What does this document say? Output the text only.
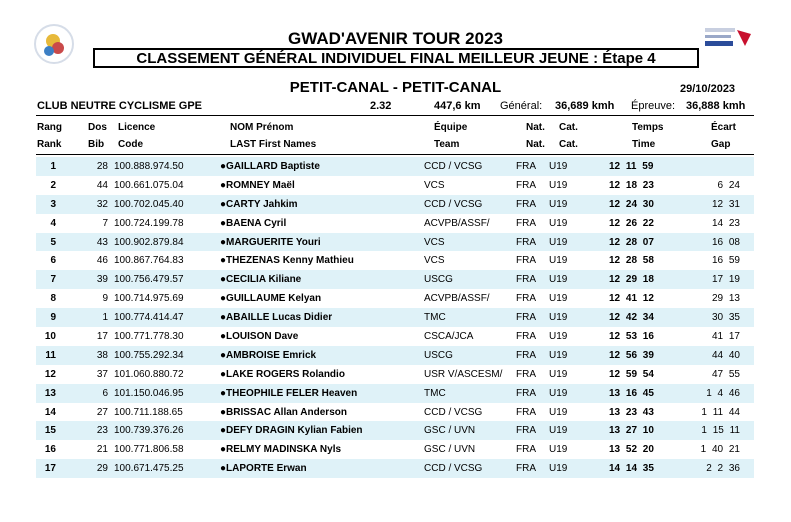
GWAD'AVENIR TOUR 2023
CLASSEMENT GÉNÉRAL INDIVIDUEL FINAL MEILLEUR JEUNE : Étape 4
PETIT-CANAL - PETIT-CANAL	29/10/2023
CLUB NEUTRE CYCLISME GPE	2.32	447,6 km Général: 36,689 kmh Épreuve: 36,888 kmh
Rang	Dos Licence	NOM Prénom	Équipe	Nat. Cat.	Temps	Écart
Rank	Bib Code	LAST First Names	Team	Nat. Cat.	Time	Gap
1	28	100.888.974.50	●GAILLARD Baptiste	CCD / VCSG	FRA	U19	12 11 59	
2	44	100.661.075.04	●ROMNEY Maël	VCS	FRA	U19	12 18 23	6 24
3	32	100.702.045.40	●CARTY Jahkim	CCD / VCSG	FRA	U19	12 24 30	12 31
4	7	100.724.199.78	●BAENA Cyril	ACVPB/ASSF/	FRA	U19	12 26 22	14 23
5	43	100.902.879.84	●MARGUERITE Youri	VCS	FRA	U19	12 28 07	16 08
6	46	100.867.764.83	●THEZENAS Kenny Mathieu	VCS	FRA	U19	12 28 58	16 59
7	39	100.756.479.57	●CECILIA Kiliane	USCG	FRA	U19	12 29 18	17 19
8	9	100.714.975.69	●GUILLAUME Kelyan	ACVPB/ASSF/	FRA	U19	12 41 12	29 13
9	1	100.774.414.47	●ABAILLE Lucas Didier	TMC	FRA	U19	12 42 34	30 35
10	17	100.771.778.30	●LOUISON Dave	CSCA/JCA	FRA	U19	12 53 16	41 17
11	38	100.755.292.34	●AMBROISE Emrick	USCG	FRA	U19	12 56 39	44 40
12	37	101.060.880.72	●LAKE ROGERS Rolandio	USR V/ASCESM/	FRA	U19	12 59 54	47 55
13	6	101.150.046.95	●THEOPHILE FELER Heaven	TMC	FRA	U19	13 16 45	1 4 46
14	27	100.711.188.65	●BRISSAC Allan Anderson	CCD / VCSG	FRA	U19	13 23 43	1 11 44
15	23	100.739.376.26	●DEFY DRAGIN Kylian Fabien	GSC / UVN	FRA	U19	13 27 10	1 15 11
16	21	100.771.806.58	●RELMY MADINSKA Nyls	GSC / UVN	FRA	U19	13 52 20	1 40 21
17	29	100.671.475.25	●LAPORTE Erwan	CCD / VCSG	FRA	U19	14 14 35	2 2 36
